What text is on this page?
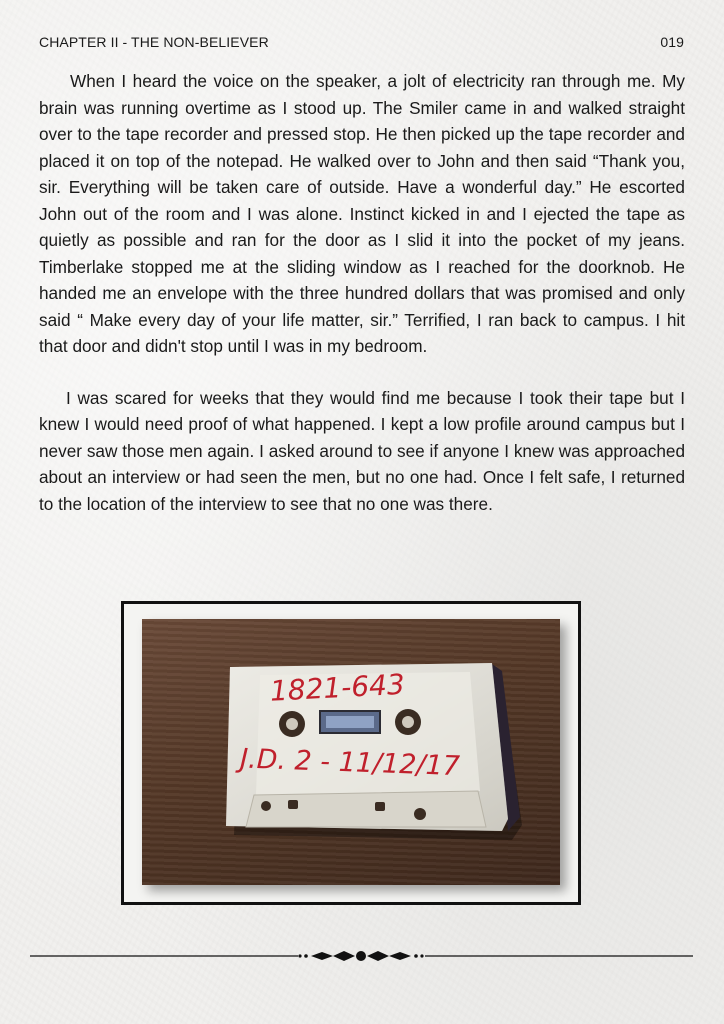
CHAPTER II - THE NON-BELIEVER	019

When I heard the voice on the speaker, a jolt of electricity ran through me. My brain was running overtime as I stood up. The Smiler came in and walked straight over to the tape recorder and pressed stop. He then picked up the tape recorder and placed it on top of the notepad. He walked over to John and then said “Thank you, sir. Everything will be taken care of outside. Have a wonderful day.” He escorted John out of the room and I was alone. Instinct kicked in and I ejected the tape as quietly as possible and ran for the door as I slid it into the pocket of my jeans. Timberlake stopped me at the sliding window as I reached for the doorknob. He handed me an envelope with the three hundred dollars that was promised and only said “ Make every day of your life matter, sir.” Terrified, I ran back to campus. I hit that door and didn't stop until I was in my bedroom.

I was scared for weeks that they would find me because I took their tape but I knew I would need proof of what happened. I kept a low profile around campus but I never saw those men again. I asked around to see if anyone I knew was approached about an interview or had seen the men, but no one had. Once I felt safe, I returned to the location of the interview to see that no one was there.

1821-643
J.D. 2 - 11/12/17
